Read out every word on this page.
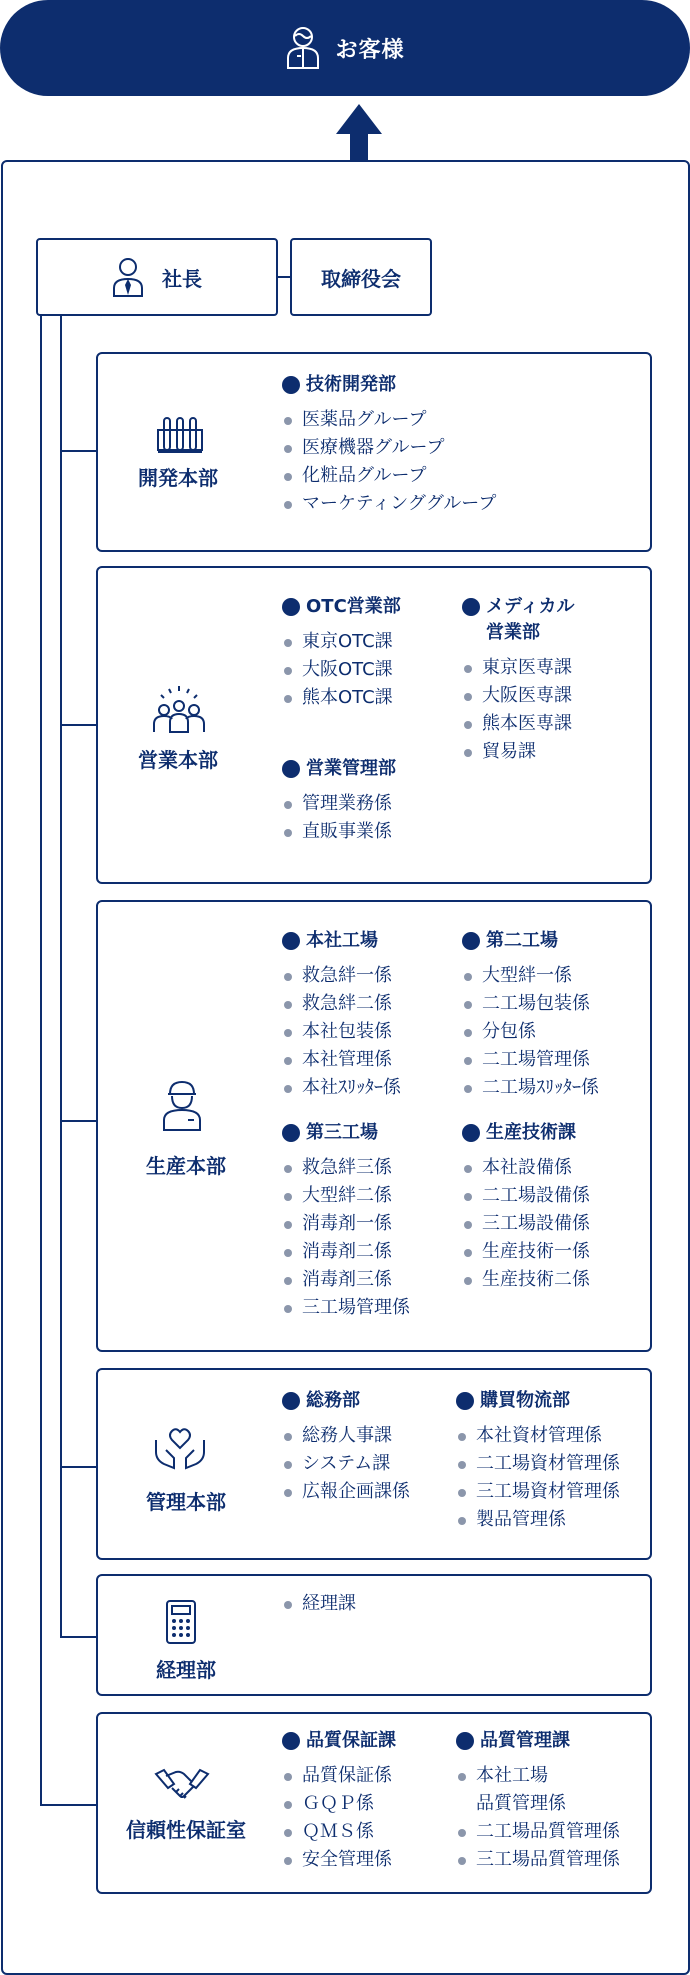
お客様
社長	取締役会
開発本部
技術開発部
医薬品グループ
医療機器グループ
化粧品グループ
マーケティンググループ
営業本部
OTC営業部
東京OTC課
大阪OTC課
熊本OTC課
メディカル
営業部
東京医専課
大阪医専課
熊本医専課
貿易課
営業管理部
管理業務係
直販事業係
生産本部
本社工場
救急絆一係
救急絆二係
本社包装係
本社管理係
本社ｽﾘｯﾀｰ係
第二工場
大型絆一係
二工場包装係
分包係
二工場管理係
二工場ｽﾘｯﾀｰ係
第三工場
救急絆三係
大型絆二係
消毒剤一係
消毒剤二係
消毒剤三係
三工場管理係
生産技術課
本社設備係
二工場設備係
三工場設備係
生産技術一係
生産技術二係
管理本部
総務部
総務人事課
システム課
広報企画課係
購買物流部
本社資材管理係
二工場資材管理係
三工場資材管理係
製品管理係
経理部
経理課
信頼性保証室
品質保証課
品質保証係
ＧＱＰ係
ＱＭＳ係
安全管理係
品質管理課
本社工場
品質管理係
二工場品質管理係
三工場品質管理係
